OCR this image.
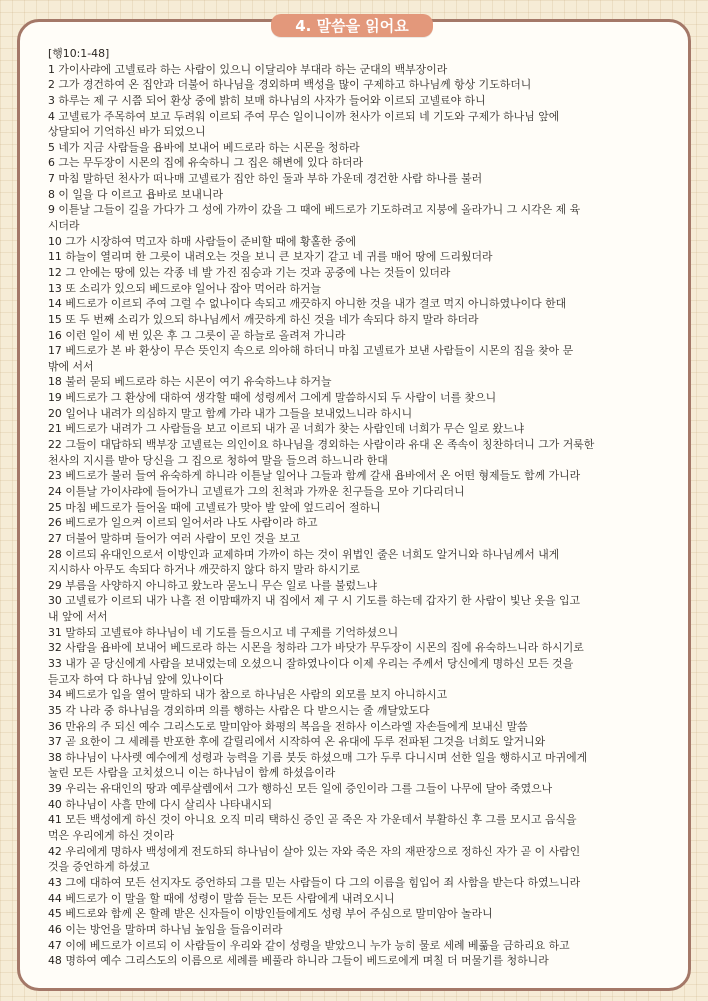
4. 말씀을 읽어요
[행10:1-48]
1 가이사랴에 고넬료라 하는 사람이 있으니 이달리야 부대라 하는 군대의 백부장이라
2 그가 경건하여 온 집안과 더불어 하나님을 경외하며 백성을 많이 구제하고 하나님께 항상 기도하더니
3 하루는 제 구 시쯤 되어 환상 중에 밝히 보매 하나님의 사자가 들어와 이르되 고넬료야 하니
4 고넬료가 주목하여 보고 두려워 이르되 주여 무슨 일이니이까 천사가 이르되 네 기도와 구제가 하나님 앞에
상달되어 기억하신 바가 되었으니
5 네가 지금 사람들을 욥바에 보내어 베드로라 하는 시몬을 청하라
6 그는 무두장이 시몬의 집에 유숙하니 그 집은 해변에 있다 하더라
7 마침 말하던 천사가 떠나매 고넬료가 집안 하인 둘과 부하 가운데 경건한 사람 하나를 불러
8 이 일을 다 이르고 욥바로 보내니라
9 이튿날 그들이 길을 가다가 그 성에 가까이 갔을 그 때에 베드로가 기도하려고 지붕에 올라가니 그 시각은 제 육
시더라
10 그가 시장하여 먹고자 하매 사람들이 준비할 때에 황홀한 중에
11 하늘이 열리며 한 그릇이 내려오는 것을 보니 큰 보자기 같고 네 귀를 매어 땅에 드리웠더라
12 그 안에는 땅에 있는 각종 네 발 가진 짐승과 기는 것과 공중에 나는 것들이 있더라
13 또 소리가 있으되 베드로야 일어나 잡아 먹어라 하거늘
14 베드로가 이르되 주여 그럴 수 없나이다 속되고 깨끗하지 아니한 것을 내가 결코 먹지 아니하였나이다 한대
15 또 두 번째 소리가 있으되 하나님께서 깨끗하게 하신 것을 네가 속되다 하지 말라 하더라
16 이런 일이 세 번 있은 후 그 그릇이 곧 하늘로 올려져 가니라
17 베드로가 본 바 환상이 무슨 뜻인지 속으로 의아해 하더니 마침 고넬료가 보낸 사람들이 시몬의 집을 찾아 문
밖에 서서
18 불러 묻되 베드로라 하는 시몬이 여기 유숙하느냐 하거늘
19 베드로가 그 환상에 대하여 생각할 때에 성령께서 그에게 말씀하시되 두 사람이 너를 찾으니
20 일어나 내려가 의심하지 말고 함께 가라 내가 그들을 보내었느니라 하시니
21 베드로가 내려가 그 사람들을 보고 이르되 내가 곧 너희가 찾는 사람인데 너희가 무슨 일로 왔느냐
22 그들이 대답하되 백부장 고넬료는 의인이요 하나님을 경외하는 사람이라 유대 온 족속이 칭찬하더니 그가 거룩한
천사의 지시를 받아 당신을 그 집으로 청하여 말을 들으려 하느니라 한대
23 베드로가 불러 들여 유숙하게 하니라 이튿날 일어나 그들과 함께 갈새 욥바에서 온 어떤 형제들도 함께 가니라
24 이튿날 가이사랴에 들어가니 고넬료가 그의 친척과 가까운 친구들을 모아 기다리더니
25 마침 베드로가 들어올 때에 고넬료가 맞아 발 앞에 엎드리어 절하니
26 베드로가 일으켜 이르되 일어서라 나도 사람이라 하고
27 더불어 말하며 들어가 여러 사람이 모인 것을 보고
28 이르되 유대인으로서 이방인과 교제하며 가까이 하는 것이 위법인 줄은 너희도 알거니와 하나님께서 내게
지시하사 아무도 속되다 하거나 깨끗하지 않다 하지 말라 하시기로
29 부름을 사양하지 아니하고 왔노라 묻노니 무슨 일로 나를 불렀느냐
30 고넬료가 이르되 내가 나흘 전 이맘때까지 내 집에서 제 구 시 기도를 하는데 갑자기 한 사람이 빛난 옷을 입고
내 앞에 서서
31 말하되 고넬료야 하나님이 네 기도를 들으시고 네 구제를 기억하셨으니
32 사람을 욥바에 보내어 베드로라 하는 시몬을 청하라 그가 바닷가 무두장이 시몬의 집에 유숙하느니라 하시기로
33 내가 곧 당신에게 사람을 보내었는데 오셨으니 잘하였나이다 이제 우리는 주께서 당신에게 명하신 모든 것을
듣고자 하여 다 하나님 앞에 있나이다
34 베드로가 입을 열어 말하되 내가 참으로 하나님은 사람의 외모를 보지 아니하시고
35 각 나라 중 하나님을 경외하며 의를 행하는 사람은 다 받으시는 줄 깨달았도다
36 만유의 주 되신 예수 그리스도로 말미암아 화평의 복음을 전하사 이스라엘 자손들에게 보내신 말씀
37 곧 요한이 그 세례를 반포한 후에 갈릴리에서 시작하여 온 유대에 두루 전파된 그것을 너희도 알거니와
38 하나님이 나사렛 예수에게 성령과 능력을 기름 붓듯 하셨으매 그가 두루 다니시며 선한 일을 행하시고 마귀에게
눌린 모든 사람을 고치셨으니 이는 하나님이 함께 하셨음이라
39 우리는 유대인의 땅과 예루살렘에서 그가 행하신 모든 일에 증인이라 그를 그들이 나무에 달아 죽였으나
40 하나님이 사흘 만에 다시 살리사 나타내시되
41 모든 백성에게 하신 것이 아니요 오직 미리 택하신 증인 곧 죽은 자 가운데서 부활하신 후 그를 모시고 음식을
먹은 우리에게 하신 것이라
42 우리에게 명하사 백성에게 전도하되 하나님이 살아 있는 자와 죽은 자의 재판장으로 정하신 자가 곧 이 사람인
것을 증언하게 하셨고
43 그에 대하여 모든 선지자도 증언하되 그를 믿는 사람들이 다 그의 이름을 힘입어 죄 사함을 받는다 하였느니라
44 베드로가 이 말을 할 때에 성령이 말씀 듣는 모든 사람에게 내려오시니
45 베드로와 함께 온 할례 받은 신자들이 이방인들에게도 성령 부어 주심으로 말미암아 놀라니
46 이는 방언을 말하며 하나님 높임을 들음이러라
47 이에 베드로가 이르되 이 사람들이 우리와 같이 성령을 받았으니 누가 능히 물로 세례 베풂을 금하리요 하고
48 명하여 예수 그리스도의 이름으로 세례를 베풀라 하니라 그들이 베드로에게 며칠 더 머물기를 청하니라
